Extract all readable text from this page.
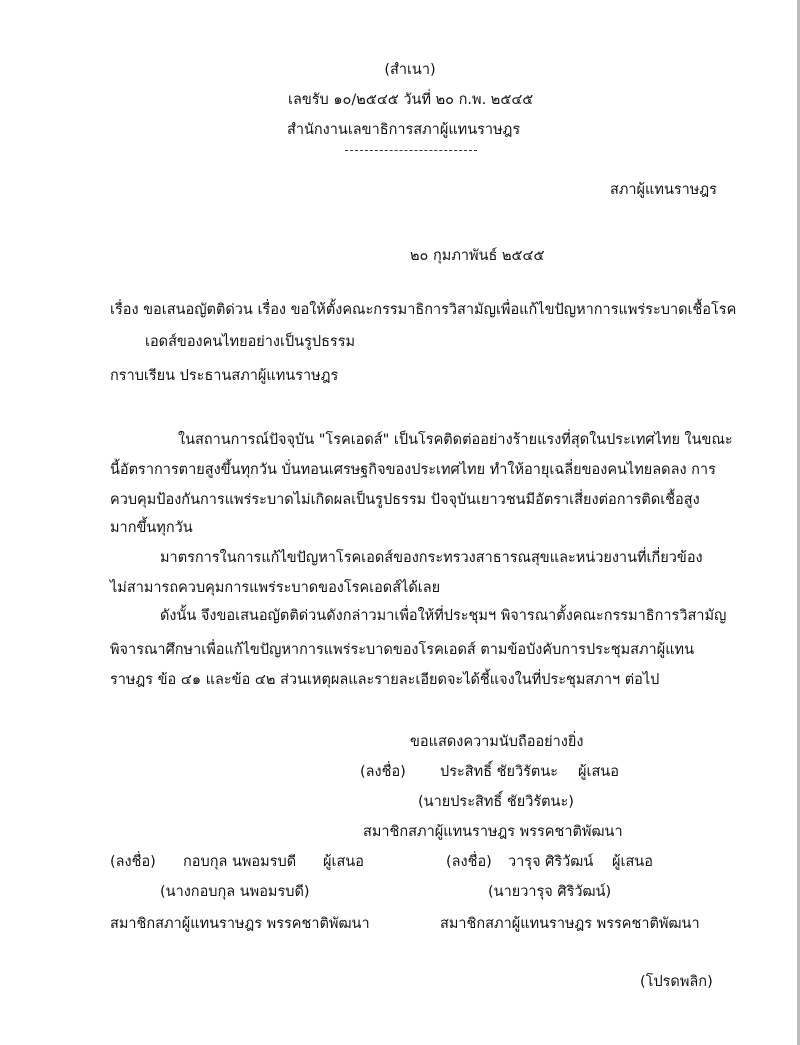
(สำเนา)
เลขรับ ๑๐/๒๕๔๕ วันที่ ๒๐ ก.พ. ๒๕๔๕
สำนักงานเลขาธิการสภาผู้แทนราษฎร
สภาผู้แทนราษฎร
๒๐ กุมภาพันธ์ ๒๕๔๕
เรื่อง ขอเสนอญัตติด่วน เรื่อง ขอให้ตั้งคณะกรรมาธิการวิสามัญเพื่อแก้ไขปัญหาการแพร่ระบาดเชื้อโรค
เอดส์ของคนไทยอย่างเป็นรูปธรรม
กราบเรียน ประธานสภาผู้แทนราษฎร
ในสถานการณ์ปัจจุบัน "โรคเอดส์" เป็นโรคติดต่ออย่างร้ายแรงที่สุดในประเทศไทย ในขณะ
นี้อัตราการตายสูงขึ้นทุกวัน บั่นทอนเศรษฐกิจของประเทศไทย ทำให้อายุเฉลี่ยของคนไทยลดลง การ
ควบคุมป้องกันการแพร่ระบาดไม่เกิดผลเป็นรูปธรรม ปัจจุบันเยาวชนมีอัตราเสี่ยงต่อการติดเชื้อสูง
มากขึ้นทุกวัน
มาตรการในการแก้ไขปัญหาโรคเอดส์ของกระทรวงสาธารณสุขและหน่วยงานที่เกี่ยวข้อง
ไม่สามารถควบคุมการแพร่ระบาดของโรคเอดส์ได้เลย
ดังนั้น จึงขอเสนอญัตติด่วนดังกล่าวมาเพื่อให้ที่ประชุมฯ พิจารณาตั้งคณะกรรมาธิการวิสามัญ
พิจารณาศึกษาเพื่อแก้ไขปัญหาการแพร่ระบาดของโรคเอดส์ ตามข้อบังคับการประชุมสภาผู้แทน
ราษฎร ข้อ ๔๑ และข้อ ๔๒ ส่วนเหตุผลและรายละเอียดจะได้ชี้แจงในที่ประชุมสภาฯ ต่อไป
ขอแสดงความนับถืออย่างยิ่ง
(ลงชื่อ) ประสิทธิ์ ชัยวิรัตนะ ผู้เสนอ
(นายประสิทธิ์ ชัยวิรัตนะ)
สมาชิกสภาผู้แทนราษฎร พรรคชาติพัฒนา
(ลงชื่อ) กอบกุล นพอมรบดี ผู้เสนอ
(นางกอบกุล นพอมรบดี)
สมาชิกสภาผู้แทนราษฎร พรรคชาติพัฒนา
(ลงชื่อ) วารุจ ศิริวัฒน์ ผู้เสนอ
(นายวารุจ ศิริวัฒน์)
สมาชิกสภาผู้แทนราษฎร พรรคชาติพัฒนา
(โปรดพลิก)
